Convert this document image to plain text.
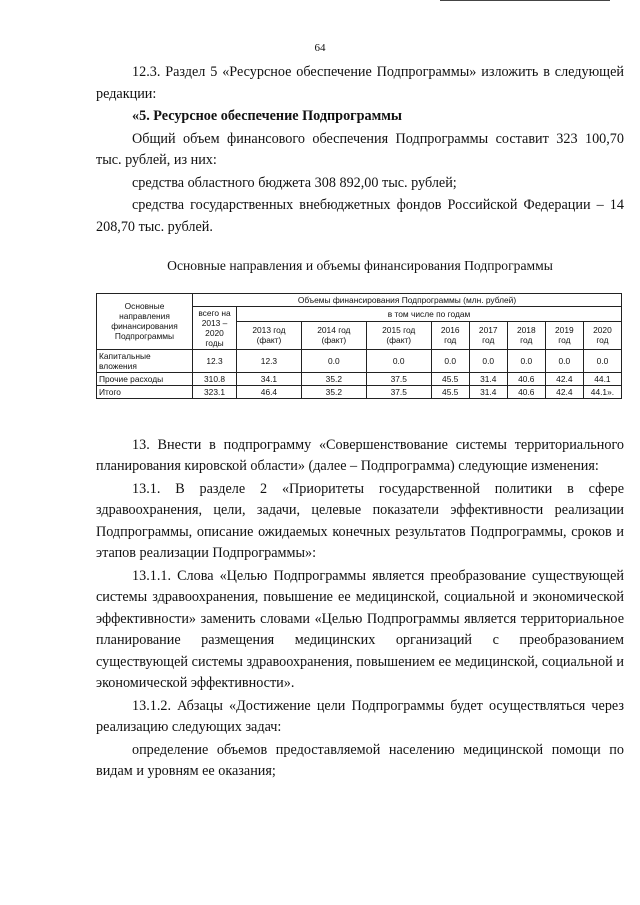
64

12.3. Раздел 5 «Ресурсное обеспечение Подпрограммы» изложить в следующей редакции:

«5. Ресурсное обеспечение Подпрограммы

Общий объем финансового обеспечения Подпрограммы составит 323 100,70 тыс. рублей, из них:

средства областного бюджета 308 892,00 тыс. рублей;

средства государственных внебюджетных фондов Российской Федерации – 14 208,70 тыс. рублей.

Основные направления и объемы финансирования Подпрограммы

Основные направления финансирования Подпрограммы	Объемы финансирования Подпрограммы (млн. рублей)								
	всего на 2013 – 2020 годы	в том числе по годам							
		2013 год (факт)	2014 год (факт)	2015 год (факт)	2016 год	2017 год	2018 год	2019 год	2020 год
Капитальные вложения	12.3	12.3	0.0	0.0	0.0	0.0	0.0	0.0	0.0
Прочие расходы	310.8	34.1	35.2	37.5	45.5	31.4	40.6	42.4	44.1
Итого	323.1	46.4	35.2	37.5	45.5	31.4	40.6	42.4	44.1».

13. Внести в подпрограмму «Совершенствование системы территориального планирования кировской области» (далее – Подпрограмма) следующие изменения:

13.1. В разделе 2 «Приоритеты государственной политики в сфере здравоохранения, цели, задачи, целевые показатели эффективности реализации Подпрограммы, описание ожидаемых конечных результатов Подпрограммы, сроков и этапов реализации Подпрограммы»:

13.1.1. Слова «Целью Подпрограммы является преобразование существующей системы здравоохранения, повышение ее медицинской, социальной и экономической эффективности» заменить словами «Целью Подпрограммы является территориальное планирование размещения медицинских организаций с преобразованием существующей системы здравоохранения, повышением ее медицинской, социальной и экономической эффективности».

13.1.2. Абзацы «Достижение цели Подпрограммы будет осуществляться через реализацию следующих задач:

определение объемов предоставляемой населению медицинской помощи по видам и уровням ее оказания;
